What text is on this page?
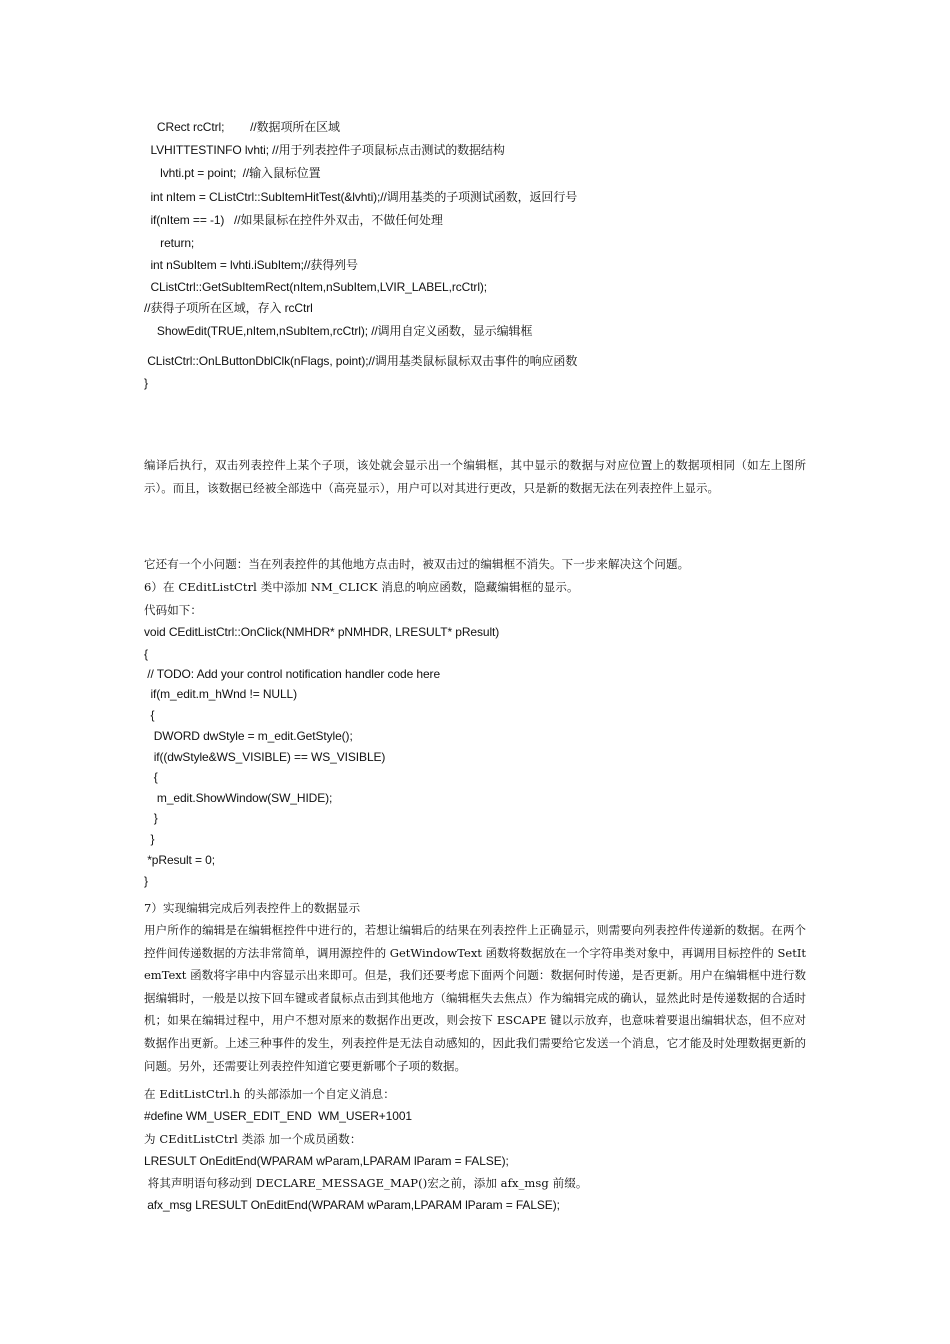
CRect rcCtrl;        //数据项所在区域
LVHITTESTINFO lvhti; //用于列表控件子项鼠标点击测试的数据结构
lvhti.pt = point;  //输入鼠标位置
int nItem = CListCtrl::SubItemHitTest(&lvhti);//调用基类的子项测试函数，返回行号
if(nItem == -1)   //如果鼠标在控件外双击，不做任何处理
return;
int nSubItem = lvhti.iSubItem;//获得列号
CListCtrl::GetSubItemRect(nItem,nSubItem,LVIR_LABEL,rcCtrl);
//获得子项所在区域，存入 rcCtrl
ShowEdit(TRUE,nItem,nSubItem,rcCtrl); //调用自定义函数，显示编辑框
CListCtrl::OnLButtonDblClk(nFlags, point);//调用基类鼠标鼠标双击事件的响应函数
}
编译后执行，双击列表控件上某个子项，该处就会显示出一个编辑框，其中显示的数据与对应位置上的数据项相同（如左上图所示）。而且，该数据已经被全部选中（高亮显示），用户可以对其进行更改，只是新的数据无法在列表控件上显示。
它还有一个小问题：当在列表控件的其他地方点击时，被双击过的编辑框不消失。下一步来解决这个问题。
6）在 CEditListCtrl 类中添加 NM_CLICK 消息的响应函数，隐藏编辑框的显示。
代码如下：
void CEditListCtrl::OnClick(NMHDR* pNMHDR, LRESULT* pResult)
{
// TODO: Add your control notification handler code here
if(m_edit.m_hWnd != NULL)
{
DWORD dwStyle = m_edit.GetStyle();
if((dwStyle&WS_VISIBLE) == WS_VISIBLE)
{
m_edit.ShowWindow(SW_HIDE);
}
}
*pResult = 0;
}
7）实现编辑完成后列表控件上的数据显示
用户所作的编辑是在编辑框控件中进行的，若想让编辑后的结果在列表控件上正确显示，则需要向列表控件传递新的数据。在两个控件间传递数据的方法非常简单，调用源控件的 GetWindowText 函数将数据放在一个字符串类对象中，再调用目标控件的 SetItemText 函数将字串中内容显示出来即可。但是，我们还要考虑下面两个问题：数据何时传递，是否更新。用户在编辑框中进行数据编辑时，一般是以按下回车键或者鼠标点击到其他地方（编辑框失去焦点）作为编辑完成的确认，显然此时是传递数据的合适时机；如果在编辑过程中，用户不想对原来的数据作出更改，则会按下 ESCAPE 键以示放弃，也意味着要退出编辑状态，但不应对数据作出更新。上述三种事件的发生，列表控件是无法自动感知的，因此我们需要给它发送一个消息，它才能及时处理数据更新的问题。另外，还需要让列表控件知道它要更新哪个子项的数据。
在 EditListCtrl.h 的头部添加一个自定义消息：
#define WM_USER_EDIT_END  WM_USER+1001
为 CEditListCtrl 类添 加一个成员函数：
LRESULT OnEditEnd(WPARAM wParam,LPARAM lParam = FALSE);
将其声明语句移动到 DECLARE_MESSAGE_MAP()宏之前，添加 afx_msg 前缀。
afx_msg LRESULT OnEditEnd(WPARAM wParam,LPARAM lParam = FALSE);
